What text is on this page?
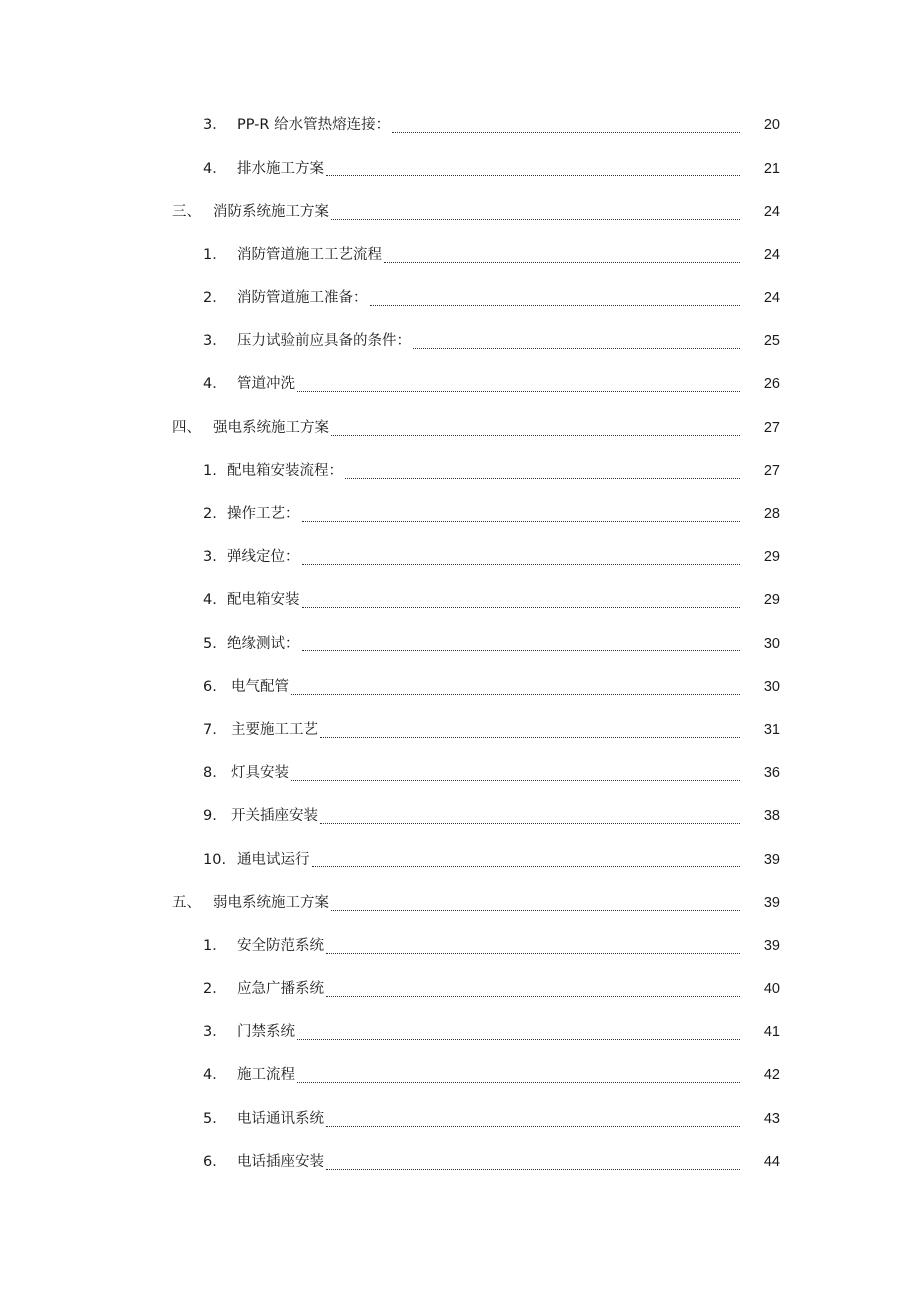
3． PP-R 给水管热熔连接：	20
4． 排水施工方案	21
三、 消防系统施工方案	24
1． 消防管道施工工艺流程	24
2． 消防管道施工准备：	24
3． 压力试验前应具备的条件：	25
4． 管道冲洗	26
四、 强电系统施工方案	27
1. 配电箱安装流程：	27
2. 操作工艺：	28
3. 弹线定位：	29
4. 配电箱安装	29
5. 绝缘测试：	30
6. 电气配管	30
7. 主要施工工艺	31
8. 灯具安装	36
9. 开关插座安装	38
10. 通电试运行	39
五、 弱电系统施工方案	39
1． 安全防范系统	39
2． 应急广播系统	40
3． 门禁系统	41
4． 施工流程	42
5． 电话通讯系统	43
6． 电话插座安装	44
